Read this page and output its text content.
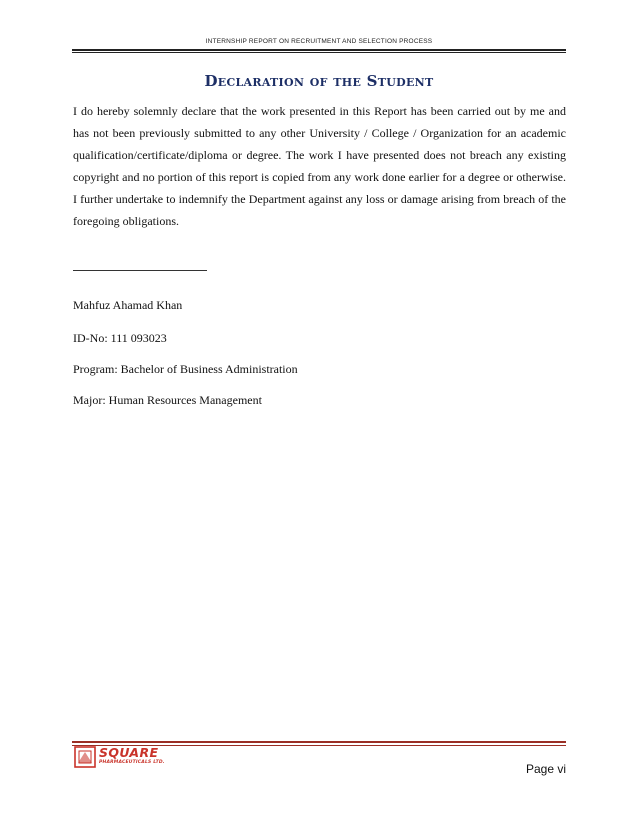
INTERNSHIP REPORT ON RECRUITMENT AND SELECTION PROCESS
Declaration of the Student

I do hereby solemnly declare that the work presented in this Report has been carried out by me and has not been previously submitted to any other University / College / Organization for an academic qualification/certificate/diploma or degree. The work I have presented does not breach any existing copyright and no portion of this report is copied from any work done earlier for a degree or otherwise. I further undertake to indemnify the Department against any loss or damage arising from breach of the foregoing obligations.

Mahfuz Ahamad Khan
ID-No: 111 093023
Program: Bachelor of Business Administration
Major: Human Resources Management
SQUARE
PHARMACEUTICALS LTD.	Page vi
